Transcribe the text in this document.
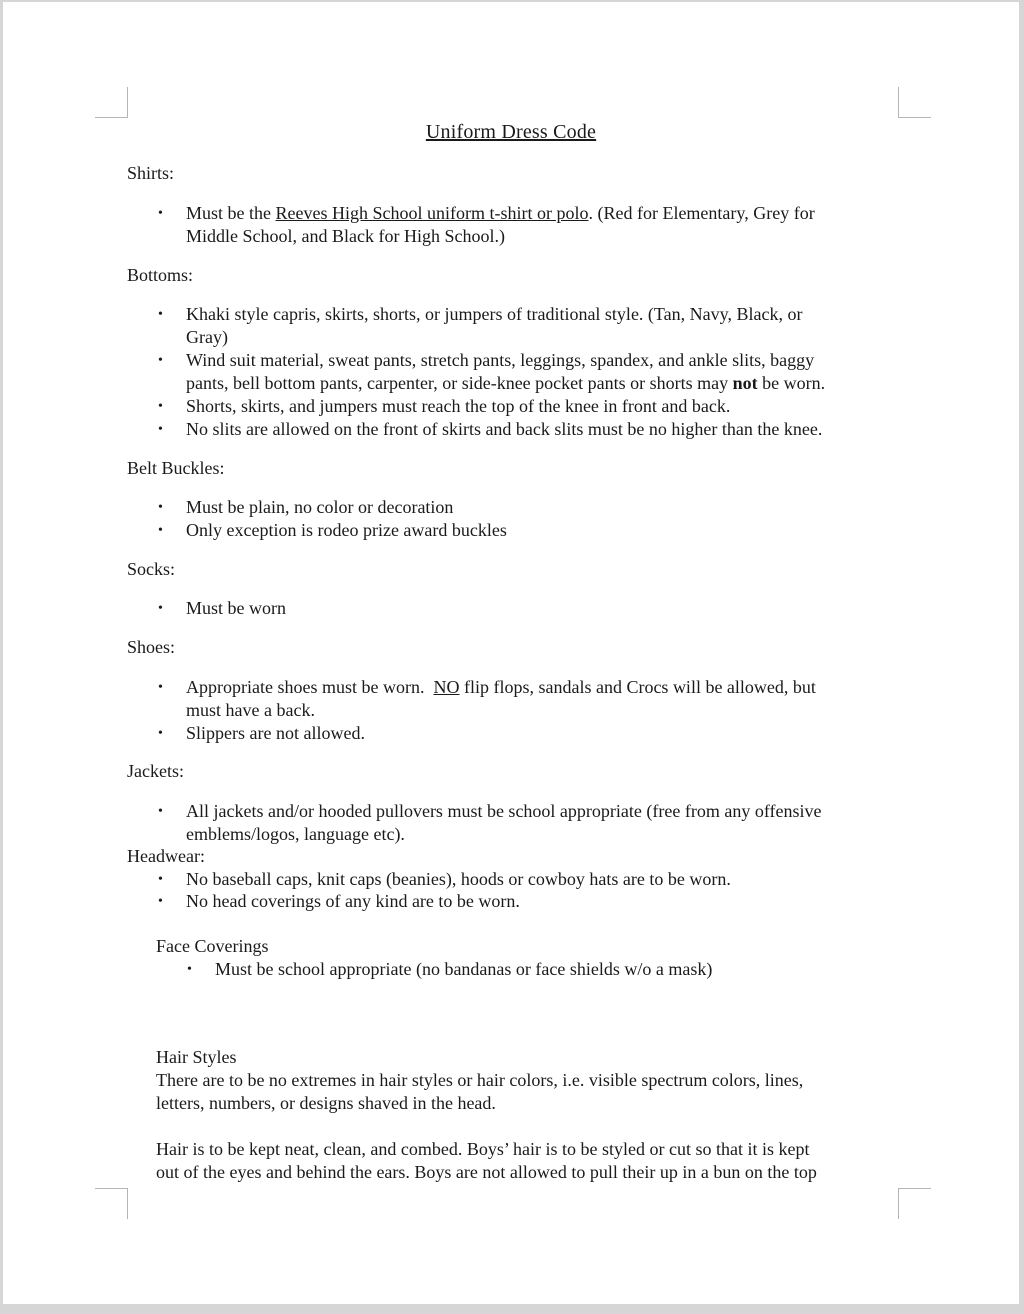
Uniform Dress Code
Shirts:
• Must be the Reeves High School uniform t-shirt or polo. (Red for Elementary, Grey for
Middle School, and Black for High School.)
Bottoms:
• Khaki style capris, skirts, shorts, or jumpers of traditional style. (Tan, Navy, Black, or
Gray)
• Wind suit material, sweat pants, stretch pants, leggings, spandex, and ankle slits, baggy
pants, bell bottom pants, carpenter, or side-knee pocket pants or shorts may not be worn.
• Shorts, skirts, and jumpers must reach the top of the knee in front and back.
• No slits are allowed on the front of skirts and back slits must be no higher than the knee.
Belt Buckles:
• Must be plain, no color or decoration
• Only exception is rodeo prize award buckles
Socks:
• Must be worn
Shoes:
• Appropriate shoes must be worn.  NO flip flops, sandals and Crocs will be allowed, but
must have a back.
• Slippers are not allowed.
Jackets:
• All jackets and/or hooded pullovers must be school appropriate (free from any offensive
emblems/logos, language etc).
Headwear:
• No baseball caps, knit caps (beanies), hoods or cowboy hats are to be worn.
• No head coverings of any kind are to be worn.
Face Coverings
• Must be school appropriate (no bandanas or face shields w/o a mask)
Hair Styles
There are to be no extremes in hair styles or hair colors, i.e. visible spectrum colors, lines,
letters, numbers, or designs shaved in the head.
Hair is to be kept neat, clean, and combed. Boys’ hair is to be styled or cut so that it is kept
out of the eyes and behind the ears. Boys are not allowed to pull their up in a bun on the top
